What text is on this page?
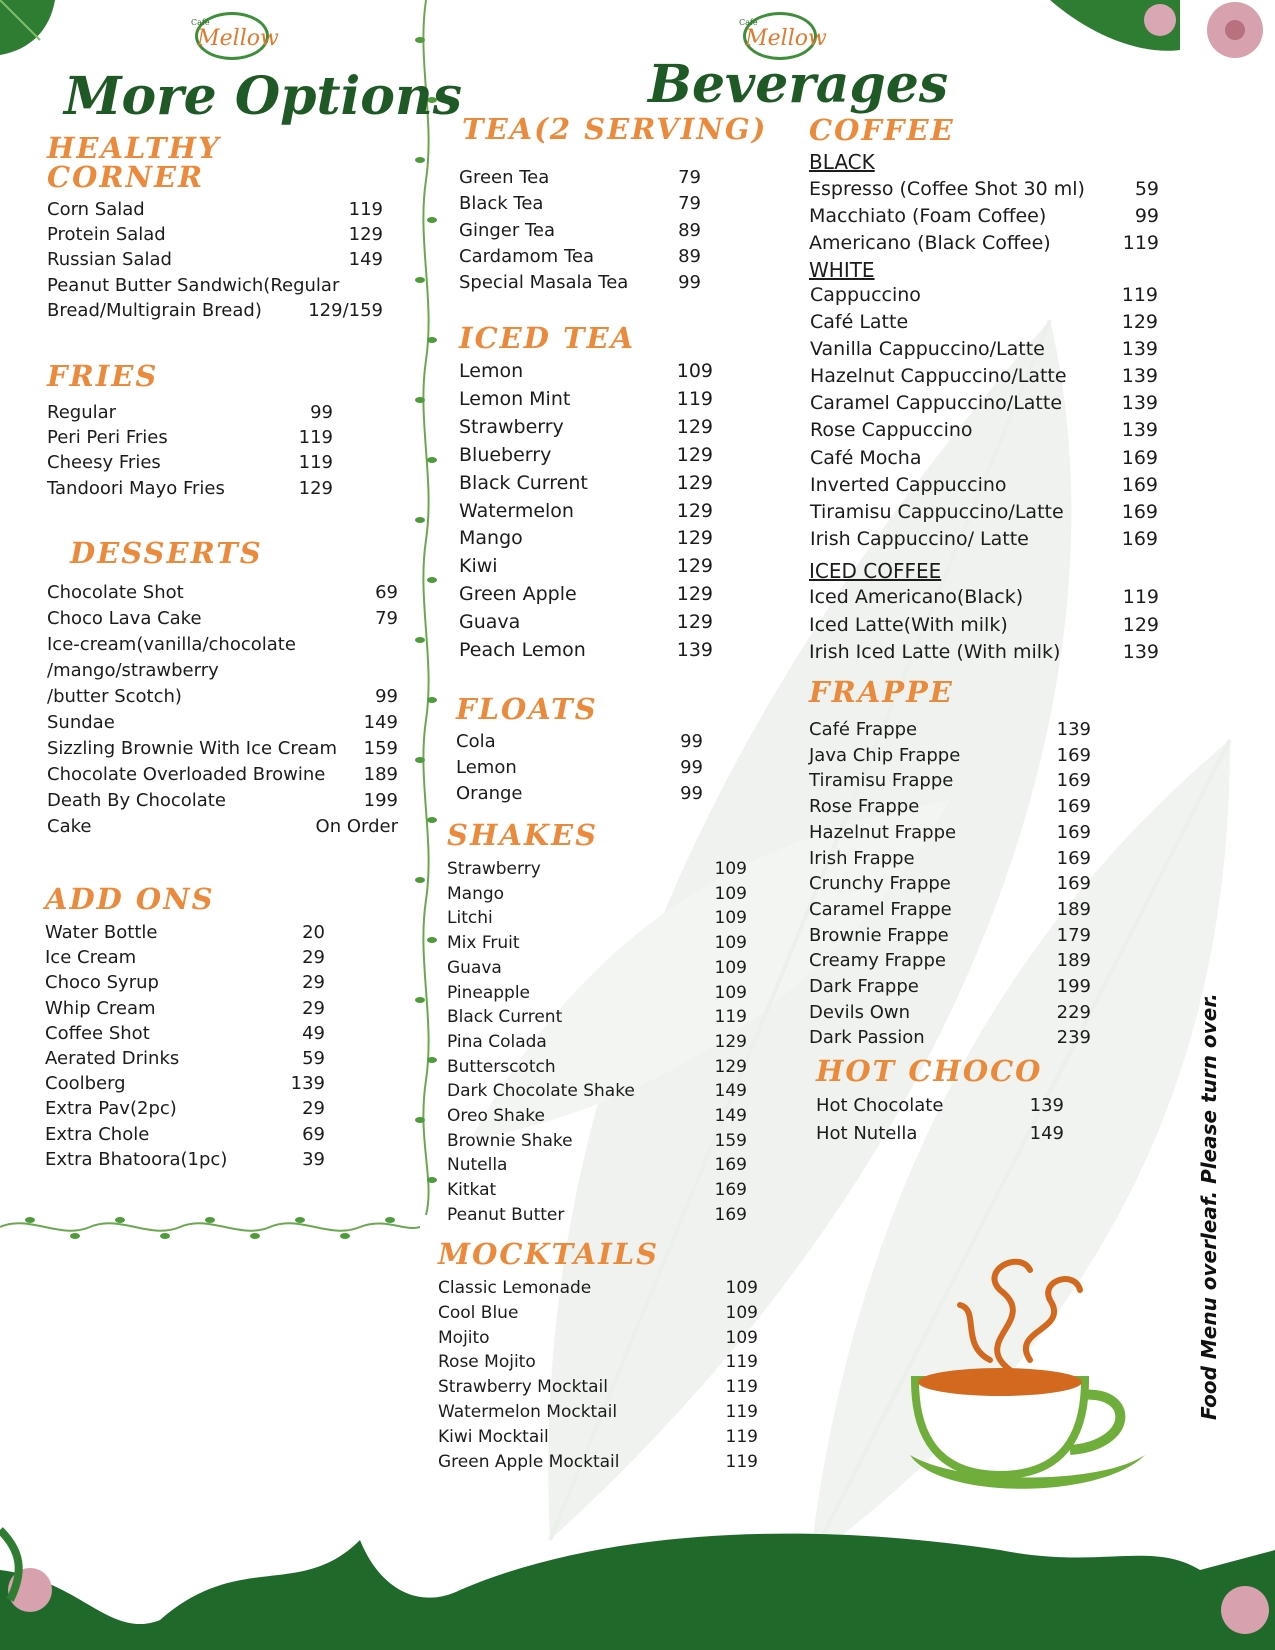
Café
Mellow
Café
Mellow
More Options
HEALTHY CORNER
Corn Salad	119
Protein Salad	129
Russian Salad	149
Peanut Butter Sandwich(Regular
Bread/Multigrain Bread)	129/159
FRIES
Regular	99
Peri Peri Fries	119
Cheesy Fries	119
Tandoori Mayo Fries	129
DESSERTS
Chocolate Shot	69
Choco Lava Cake	79
Ice-cream(vanilla/chocolate
/mango/strawberry
/butter Scotch)	99
Sundae	149
Sizzling Brownie With Ice Cream 159
Chocolate Overloaded Browine 189
Death By Chocolate	199
Cake	On Order
ADD ONS
Water Bottle	20
Ice Cream	29
Choco Syrup	29
Whip Cream	29
Coffee Shot	49
Aerated Drinks	59
Coolberg	139
Extra Pav(2pc)	29
Extra Chole	69
Extra Bhatoora(1pc)	39
Beverages
TEA(2 SERVING)
Green Tea	79
Black Tea	79
Ginger Tea	89
Cardamom Tea	89
Special Masala Tea	99
ICED TEA
Lemon	109
Lemon Mint	119
Strawberry	129
Blueberry	129
Black Current	129
Watermelon	129
Mango	129
Kiwi	129
Green Apple	129
Guava	129
Peach Lemon	139
FLOATS
Cola	99
Lemon	99
Orange	99
SHAKES
Strawberry	109
Mango	109
Litchi	109
Mix Fruit	109
Guava	109
Pineapple	109
Black Current	119
Pina Colada	129
Butterscotch	129
Dark Chocolate Shake	149
Oreo Shake	149
Brownie Shake	159
Nutella	169
Kitkat	169
Peanut Butter	169
MOCKTAILS
Classic Lemonade	109
Cool Blue	109
Mojito	109
Rose Mojito	119
Strawberry Mocktail	119
Watermelon Mocktail	119
Kiwi Mocktail	119
Green Apple Mocktail	119
COFFEE
BLACK
Espresso (Coffee Shot 30 ml)	59
Macchiato (Foam Coffee)	99
Americano (Black Coffee)	119
WHITE
Cappuccino	119
Café Latte	129
Vanilla Cappuccino/Latte	139
Hazelnut Cappuccino/Latte	139
Caramel Cappuccino/Latte	139
Rose Cappuccino	139
Café Mocha	169
Inverted Cappuccino	169
Tiramisu Cappuccino/Latte	169
Irish Cappuccino/ Latte	169
ICED COFFEE
Iced Americano(Black)	119
Iced Latte(With milk)	129
Irish Iced Latte (With milk)	139
FRAPPE
Café Frappe	139
Java Chip Frappe	169
Tiramisu Frappe	169
Rose Frappe	169
Hazelnut Frappe	169
Irish Frappe	169
Crunchy Frappe	169
Caramel Frappe	189
Brownie Frappe	179
Creamy Frappe	189
Dark Frappe	199
Devils Own	229
Dark Passion	239
HOT CHOCO
Hot Chocolate	139
Hot Nutella	149	Food Menu overleaf. Please turn over.
